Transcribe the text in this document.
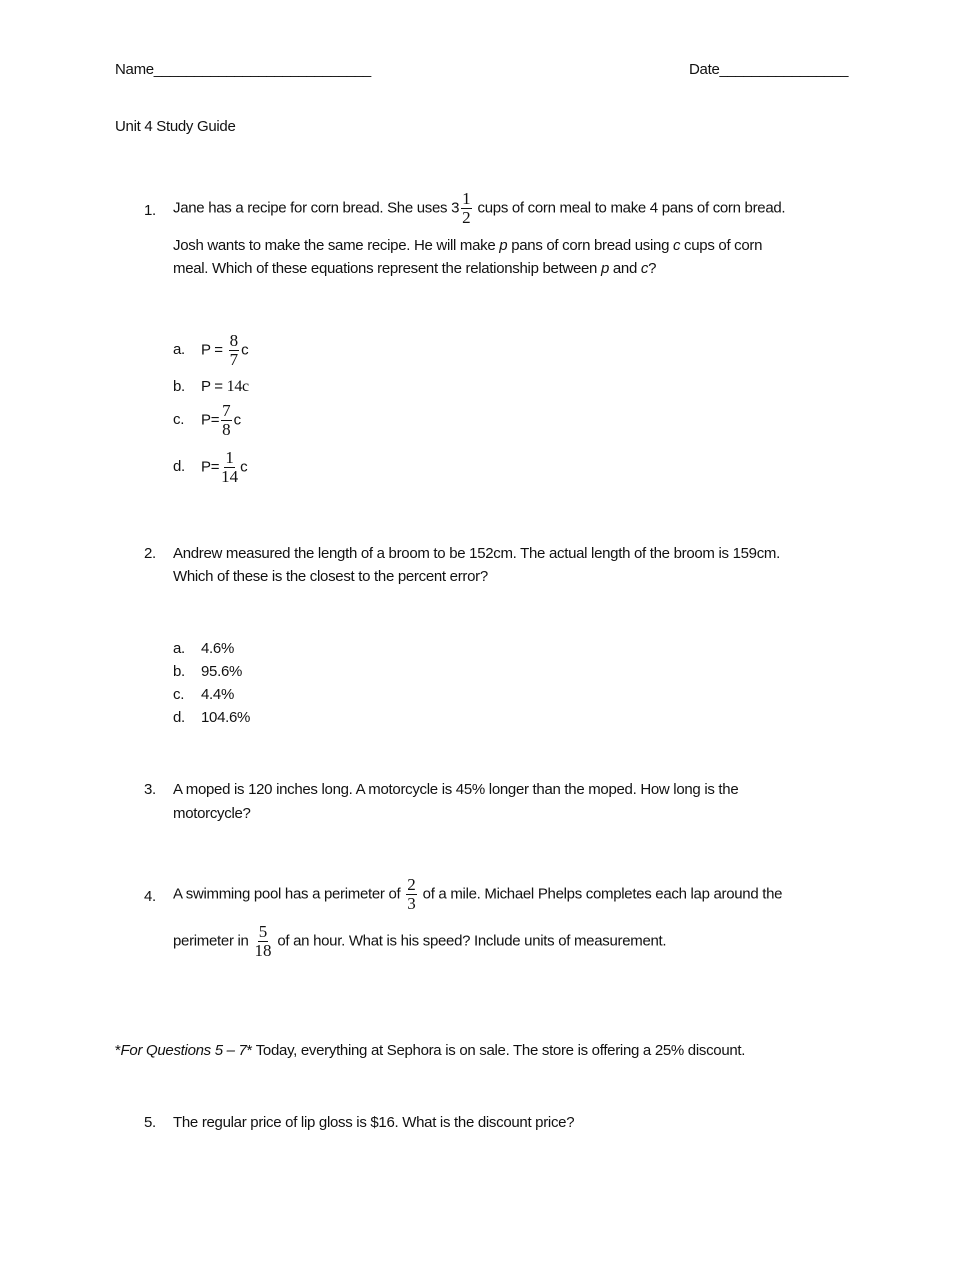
Name___________________________	Date________________
Unit 4 Study Guide
1. Jane has a recipe for corn bread. She uses $3 \frac{1}{2}$ cups of corn meal to make 4 pans of corn bread.
Josh wants to make the same recipe. He will make p pans of corn bread using c cups of corn
meal. Which of these equations represent the relationship between p and c?
a. $P = \frac{8}{7}$ c
b. P = 14c
c. $P= \frac{7}{8}$ c
d. $P= \frac{1}{14}$ c
2. Andrew measured the length of a broom to be 152cm. The actual length of the broom is 159cm.
Which of these is the closest to the percent error?
a. 4.6%
b. 95.6%
c. 4.4%
d. 104.6%
3. A moped is 120 inches long. A motorcycle is 45% longer than the moped. How long is the
motorcycle?
4. A swimming pool has a perimeter of $\frac{2}{3}$ of a mile. Michael Phelps completes each lap around the
perimeter in $\frac{5}{18}$ of an hour. What is his speed? Include units of measurement.
*For Questions 5 – 7* Today, everything at Sephora is on sale. The store is offering a 25% discount.
5. The regular price of lip gloss is $16. What is the discount price?
